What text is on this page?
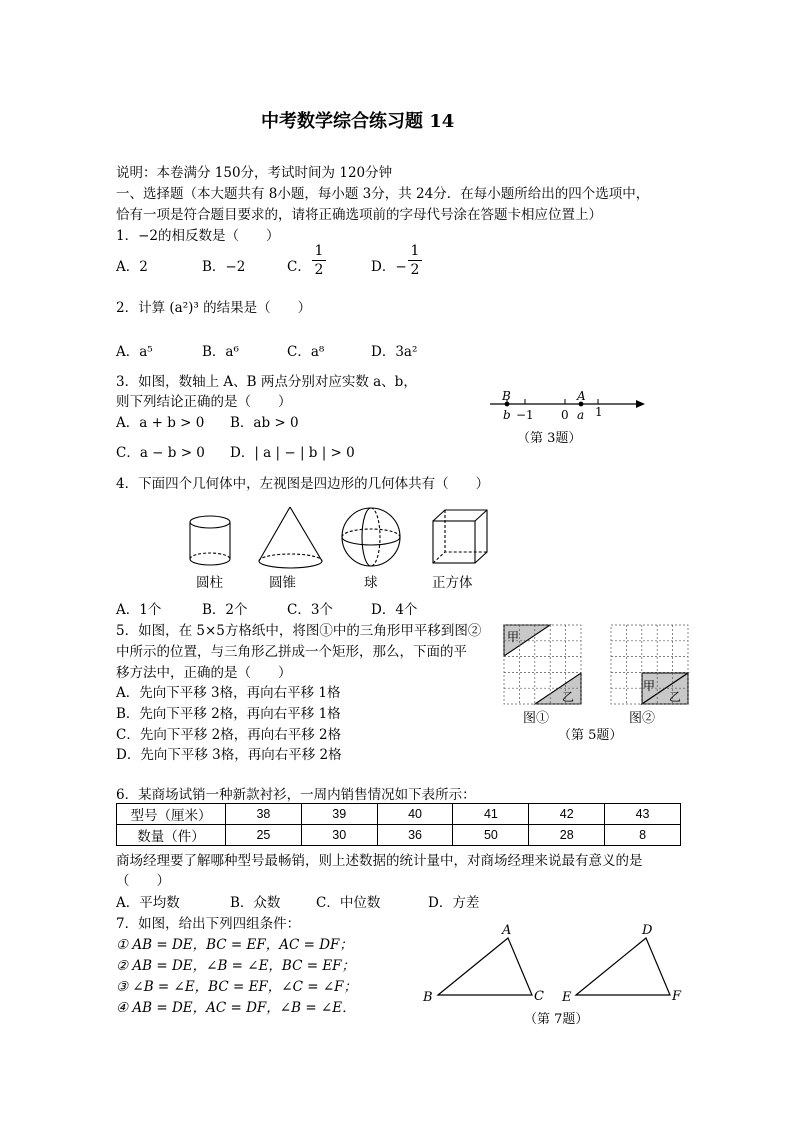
中考数学综合练习题 14
说明：本卷满分 150分，考试时间为 120分钟
一、选择题（本大题共有 8小题，每小题 3分，共 24分．在每小题所给出的四个选项中，
恰有一项是符合题目要求的，请将正确选项前的字母代号涂在答题卡相应位置上）
1．−2的相反数是（　　）
A．2	B．−2	C．
1
2	D．−
1
2
2．计算 (a²)³ 的结果是（　　）
A．a⁵	B．a⁶	C．a⁸	D．3a²
3．如图，数轴上 A、B 两点分别对应实数 a、b，
则下列结论正确的是（　　）
A．a + b > 0 B．ab > 0
C．a − b > 0 D．| a | − | b | > 0
B	A
b −1 0 a 1
（第 3题）
4．下面四个几何体中，左视图是四边形的几何体共有（　　）
圆柱	圆锥	球	正方体
A．1个	B．2个	C．3个	D．4个
5．如图，在 5×5方格纸中，将图①中的三角形甲平移到图②
中所示的位置，与三角形乙拼成一个矩形，那么，下面的平
移方法中，正确的是（　　）
A．先向下平移 3格，再向右平移 1格
B．先向下平移 2格，再向右平移 1格
C．先向下平移 2格，再向右平移 2格
D．先向下平移 3格，再向右平移 2格
甲
乙
图①
甲
乙
图②
（第 5题）
6．某商场试销一种新款衬衫，一周内销售情况如下表所示：
型号（厘米）	38	39	40	41	42	43
数量（件）	25	30	36	50	28	8
商场经理要了解哪种型号最畅销，则上述数据的统计量中，对商场经理来说最有意义的是
（　　）
A．平均数	B．众数	C．中位数	D．方差
7．如图，给出下列四组条件：
① AB = DE，BC = EF，AC = DF；
② AB = DE，∠B = ∠E，BC = EF；
③ ∠B = ∠E，BC = EF，∠C = ∠F；
④ AB = DE，AC = DF，∠B = ∠E．
A
B	C
D
E	F
（第 7题）
